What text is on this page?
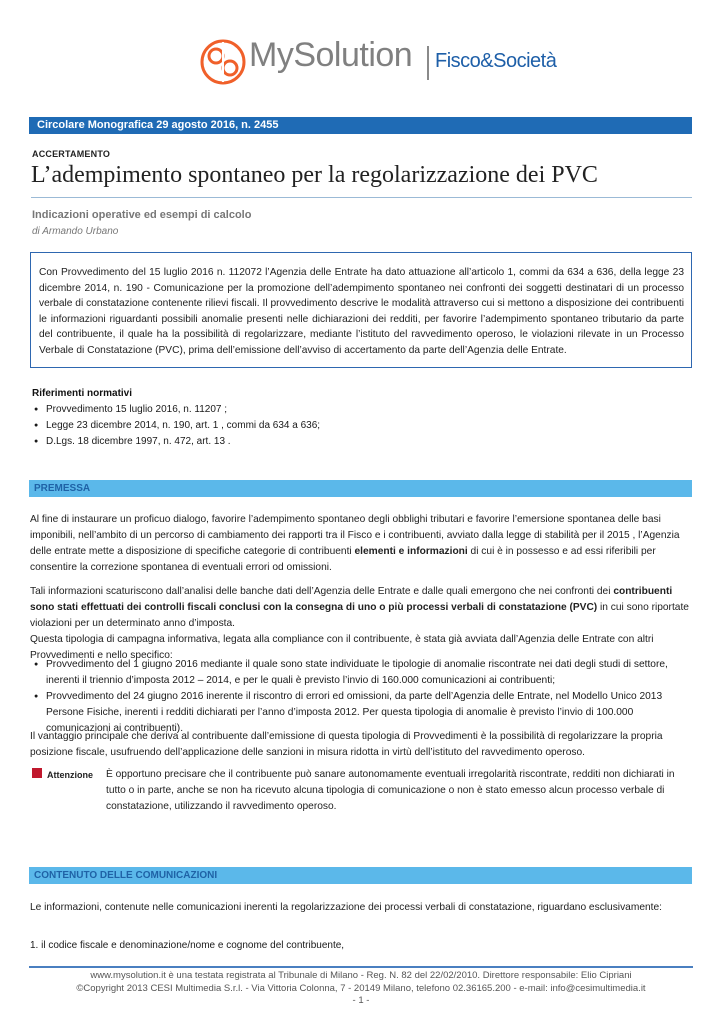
MySolution Fisco&Società
Circolare Monografica 29 agosto 2016, n. 2455
ACCERTAMENTO
L’adempimento spontaneo per la regolarizzazione dei PVC
Indicazioni operative ed esempi di calcolo
di Armando Urbano
Con Provvedimento del 15 luglio 2016 n. 112072 l’Agenzia delle Entrate ha dato attuazione all’articolo 1, commi da 634 a 636, della legge 23 dicembre 2014, n. 190 - Comunicazione per la promozione dell’adempimento spontaneo nei confronti dei soggetti destinatari di un processo verbale di constatazione contenente rilievi fiscali. Il provvedimento descrive le modalità attraverso cui si mettono a disposizione dei contribuenti le informazioni riguardanti possibili anomalie presenti nelle dichiarazioni dei redditi, per favorire l’adempimento spontaneo tributario da parte del contribuente, il quale ha la possibilità di regolarizzare, mediante l’istituto del ravvedimento operoso, le violazioni rilevate in un Processo Verbale di Constatazione (PVC), prima dell’emissione dell’avviso di accertamento da parte dell’Agenzia delle Entrate.
Riferimenti normativi
● Provvedimento 15 luglio 2016, n. 11207 ;
● Legge 23 dicembre 2014, n. 190, art. 1 , commi da 634 a 636;
● D.Lgs. 18 dicembre 1997, n. 472, art. 13 .
PREMESSA
Al fine di instaurare un proficuo dialogo, favorire l’adempimento spontaneo degli obblighi tributari e favorire l’emersione spontanea delle basi imponibili, nell’ambito di un percorso di cambiamento dei rapporti tra il Fisco e i contribuenti, avviato dalla legge di stabilità per il 2015 , l’Agenzia delle entrate mette a disposizione di specifiche categorie di contribuenti elementi e informazioni di cui è in possesso e ad essi riferibili per consentire la correzione spontanea di eventuali errori od omissioni.
Tali informazioni scaturiscono dall’analisi delle banche dati dell’Agenzia delle Entrate e dalle quali emergono che nei confronti dei contribuenti sono stati effettuati dei controlli fiscali conclusi con la consegna di uno o più processi verbali di constatazione (PVC) in cui sono riportate violazioni per un determinato anno d’imposta.
Questa tipologia di campagna informativa, legata alla compliance con il contribuente, è stata già avviata dall’Agenzia delle Entrate con altri Provvedimenti e nello specifico:
● Provvedimento del 1 giugno 2016 mediante il quale sono state individuate le tipologie di anomalie riscontrate nei dati degli studi di settore, inerenti il triennio d’imposta 2012 – 2014, e per le quali è previsto l’invio di 160.000 comunicazioni ai contribuenti;
● Provvedimento del 24 giugno 2016 inerente il riscontro di errori ed omissioni, da parte dell’Agenzia delle Entrate, nel Modello Unico 2013 Persone Fisiche, inerenti i redditi dichiarati per l’anno d’imposta 2012. Per questa tipologia di anomalie è previsto l’invio di 100.000 comunicazioni ai contribuenti).
Il vantaggio principale che deriva al contribuente dall’emissione di questa tipologia di Provvedimenti è la possibilità di regolarizzare la propria posizione fiscale, usufruendo dell’applicazione delle sanzioni in misura ridotta in virtù dell’istituto del ravvedimento operoso.
Attenzione È opportuno precisare che il contribuente può sanare autonomamente eventuali irregolarità riscontrate, redditi non dichiarati in tutto o in parte, anche se non ha ricevuto alcuna tipologia di comunicazione o non è stato emesso alcun processo verbale di constatazione, utilizzando il ravvedimento operoso.
CONTENUTO DELLE COMUNICAZIONI
Le informazioni, contenute nelle comunicazioni inerenti la regolarizzazione dei processi verbali di constatazione, riguardano esclusivamente:
1. il codice fiscale e denominazione/nome e cognome del contribuente,
www.mysolution.it è una testata registrata al Tribunale di Milano - Reg. N. 82 del 22/02/2010. Direttore responsabile: Elio Cipriani
©Copyright 2013 CESI Multimedia S.r.l. - Via Vittoria Colonna, 7 - 20149 Milano, telefono 02.36165.200 - e-mail: info@cesimultimedia.it
- 1 -
